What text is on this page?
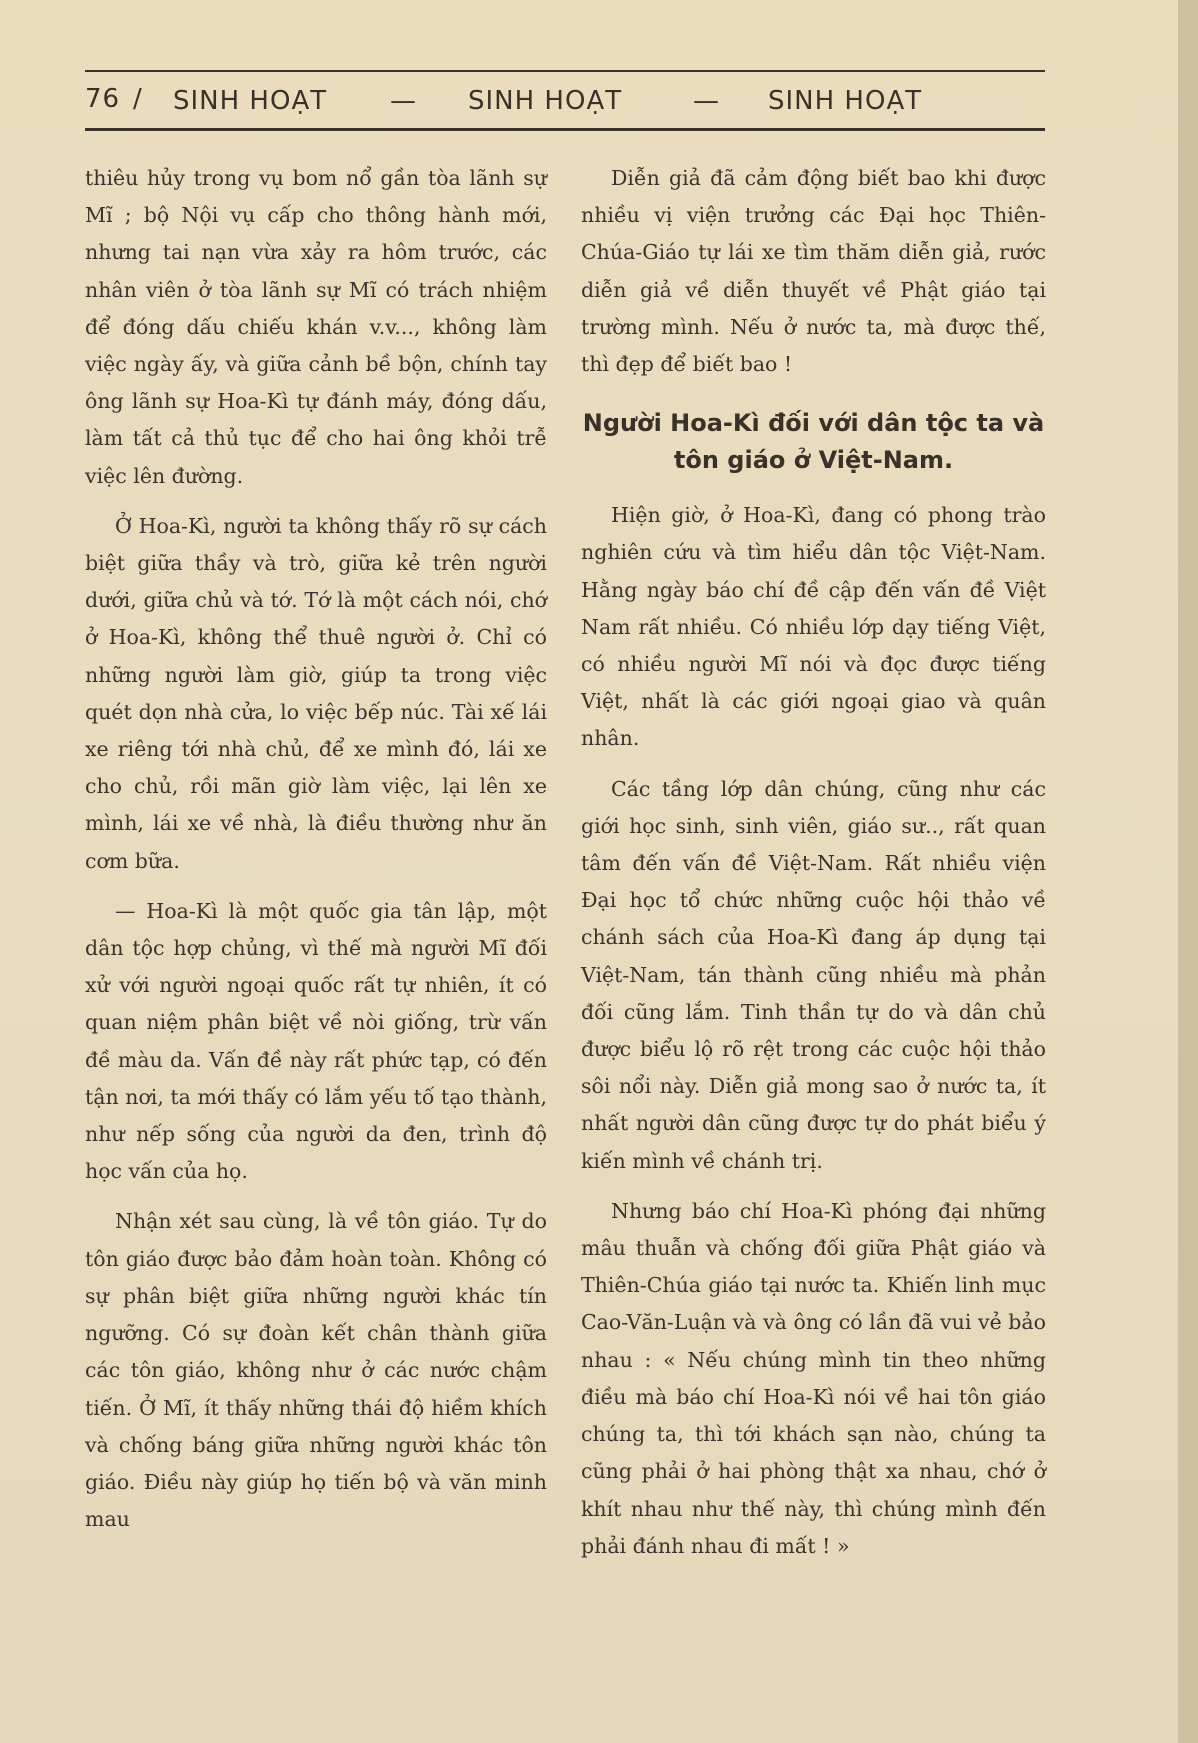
76 / SINH HOẠT — SINH HOẠT	— SINH HOẠT

thiêu hủy trong vụ bom nổ gần tòa lãnh sự Mĩ ; bộ Nội vụ cấp cho thông hành mới, nhưng tai nạn vừa xảy ra hôm trước, các nhân viên ở tòa lãnh sự Mĩ có trách nhiệm để đóng dấu chiếu khán v.v..., không làm việc ngày ấy, và giữa cảnh bề bộn, chính tay ông lãnh sự Hoa-Kì tự đánh máy, đóng dấu, làm tất cả thủ tục để cho hai ông khỏi trễ việc lên đường.

Ở Hoa-Kì, người ta không thấy rõ sự cách biệt giữa thầy và trò, giữa kẻ trên người dưới, giữa chủ và tớ. Tớ là một cách nói, chớ ở Hoa-Kì, không thể thuê người ở. Chỉ có những người làm giờ, giúp ta trong việc quét dọn nhà cửa, lo việc bếp núc. Tài xế lái xe riêng tới nhà chủ, để xe mình đó, lái xe cho chủ, rồi mãn giờ làm việc, lại lên xe mình, lái xe về nhà, là điều thường như ăn cơm bữa.

— Hoa-Kì là một quốc gia tân lập, một dân tộc hợp chủng, vì thế mà người Mĩ đối xử với người ngoại quốc rất tự nhiên, ít có quan niệm phân biệt về nòi giống, trừ vấn đề màu da. Vấn đề này rất phức tạp, có đến tận nơi, ta mới thấy có lắm yếu tố tạo thành, như nếp sống của người da đen, trình độ học vấn của họ.

Nhận xét sau cùng, là về tôn giáo. Tự do tôn giáo được bảo đảm hoàn toàn. Không có sự phân biệt giữa những người khác tín ngưỡng. Có sự đoàn kết chân thành giữa các tôn giáo, không như ở các nước chậm tiến. Ở Mĩ, ít thấy những thái độ hiềm khích và chống báng giữa những người khác tôn giáo. Điều này giúp họ tiến bộ và văn minh mau

Diễn giả đã cảm động biết bao khi được nhiều vị viện trưởng các Đại học Thiên-Chúa-Giáo tự lái xe tìm thăm diễn giả, rước diễn giả về diễn thuyết về Phật giáo tại trường mình. Nếu ở nước ta, mà được thế, thì đẹp để biết bao !

Người Hoa-Kì đối với dân tộc ta và tôn giáo ở Việt-Nam.

Hiện giờ, ở Hoa-Kì, đang có phong trào nghiên cứu và tìm hiểu dân tộc Việt-Nam. Hằng ngày báo chí đề cập đến vấn đề Việt Nam rất nhiều. Có nhiều lớp dạy tiếng Việt, có nhiều người Mĩ nói và đọc được tiếng Việt, nhất là các giới ngoại giao và quân nhân.

Các tầng lớp dân chúng, cũng như các giới học sinh, sinh viên, giáo sư.., rất quan tâm đến vấn đề Việt-Nam. Rất nhiều viện Đại học tổ chức những cuộc hội thảo về chánh sách của Hoa-Kì đang áp dụng tại Việt-Nam, tán thành cũng nhiều mà phản đối cũng lắm. Tinh thần tự do và dân chủ được biểu lộ rõ rệt trong các cuộc hội thảo sôi nổi này. Diễn giả mong sao ở nước ta, ít nhất người dân cũng được tự do phát biểu ý kiến mình về chánh trị.

Nhưng báo chí Hoa-Kì phóng đại những mâu thuẫn và chống đối giữa Phật giáo và Thiên-Chúa giáo tại nước ta. Khiến linh mục Cao-Văn-Luận và và ông có lần đã vui vẻ bảo nhau : « Nếu chúng mình tin theo những điều mà báo chí Hoa-Kì nói về hai tôn giáo chúng ta, thì tới khách sạn nào, chúng ta cũng phải ở hai phòng thật xa nhau, chớ ở khít nhau như thế này, thì chúng mình đến phải đánh nhau đi mất ! »
